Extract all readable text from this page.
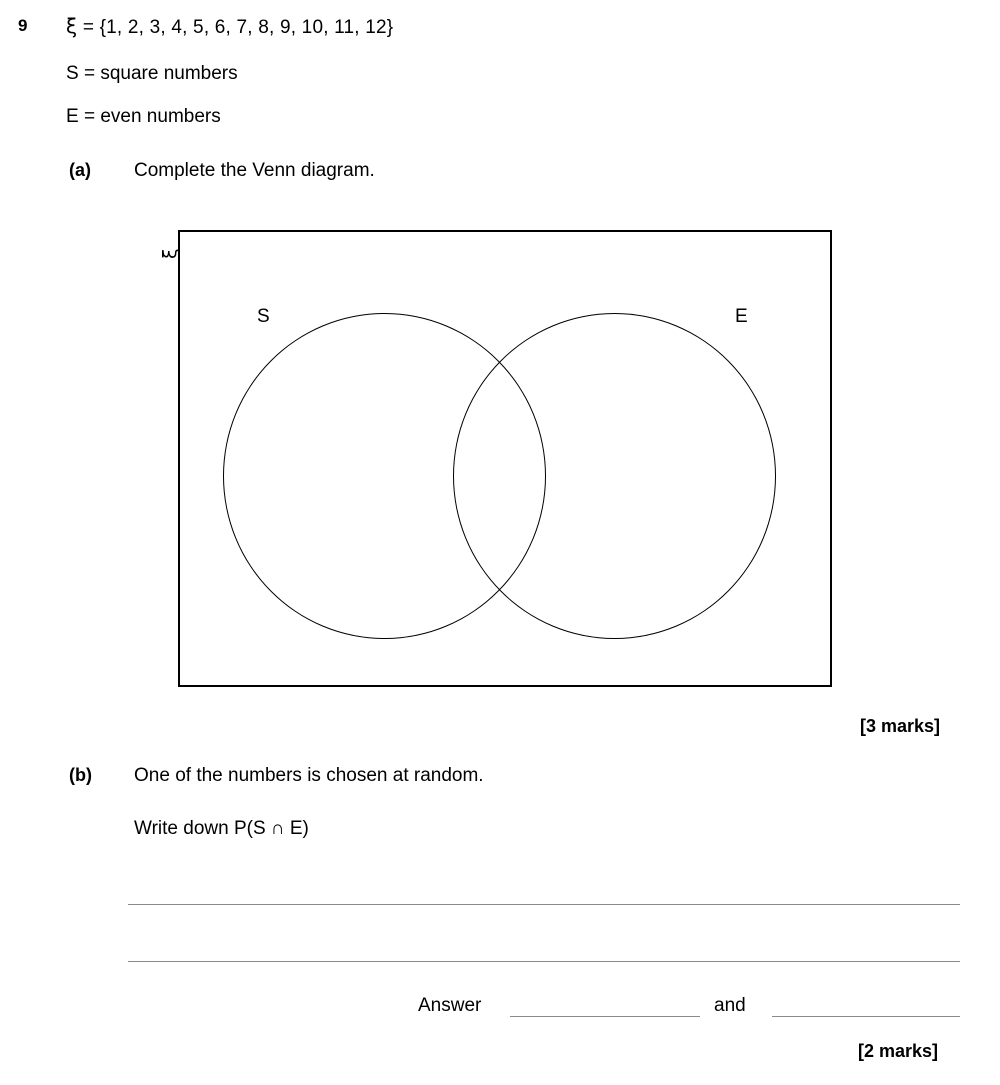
9 ξ = {1, 2, 3, 4, 5, 6, 7, 8, 9, 10, 11, 12}
S = square numbers
E = even numbers
(a) Complete the Venn diagram.
ξ
S	E
[3 marks]
(b) One of the numbers is chosen at random.
Write down P(S ∩ E)
Answer	and
[2 marks]
